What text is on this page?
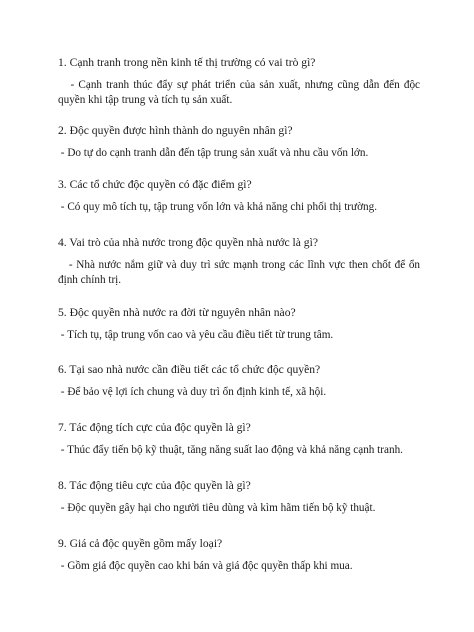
1. Cạnh tranh trong nền kinh tế thị trường có vai trò gì?
- Cạnh tranh thúc đẩy sự phát triển của sản xuất, nhưng cũng dẫn đến độc quyền khi tập trung và tích tụ sản xuất.
2. Độc quyền được hình thành do nguyên nhân gì?
- Do tự do cạnh tranh dẫn đến tập trung sản xuất và nhu cầu vốn lớn.
3. Các tổ chức độc quyền có đặc điểm gì?
- Có quy mô tích tụ, tập trung vốn lớn và khả năng chi phối thị trường.
4. Vai trò của nhà nước trong độc quyền nhà nước là gì?
- Nhà nước nắm giữ và duy trì sức mạnh trong các lĩnh vực then chốt để ổn định chính trị.
5. Độc quyền nhà nước ra đời từ nguyên nhân nào?
- Tích tụ, tập trung vốn cao và yêu cầu điều tiết từ trung tâm.
6. Tại sao nhà nước cần điều tiết các tổ chức độc quyền?
- Để bảo vệ lợi ích chung và duy trì ổn định kinh tế, xã hội.
7. Tác động tích cực của độc quyền là gì?
- Thúc đẩy tiến bộ kỹ thuật, tăng năng suất lao động và khả năng cạnh tranh.
8. Tác động tiêu cực của độc quyền là gì?
- Độc quyền gây hại cho người tiêu dùng và kìm hãm tiến bộ kỹ thuật.
9. Giá cả độc quyền gồm mấy loại?
- Gồm giá độc quyền cao khi bán và giá độc quyền thấp khi mua.
